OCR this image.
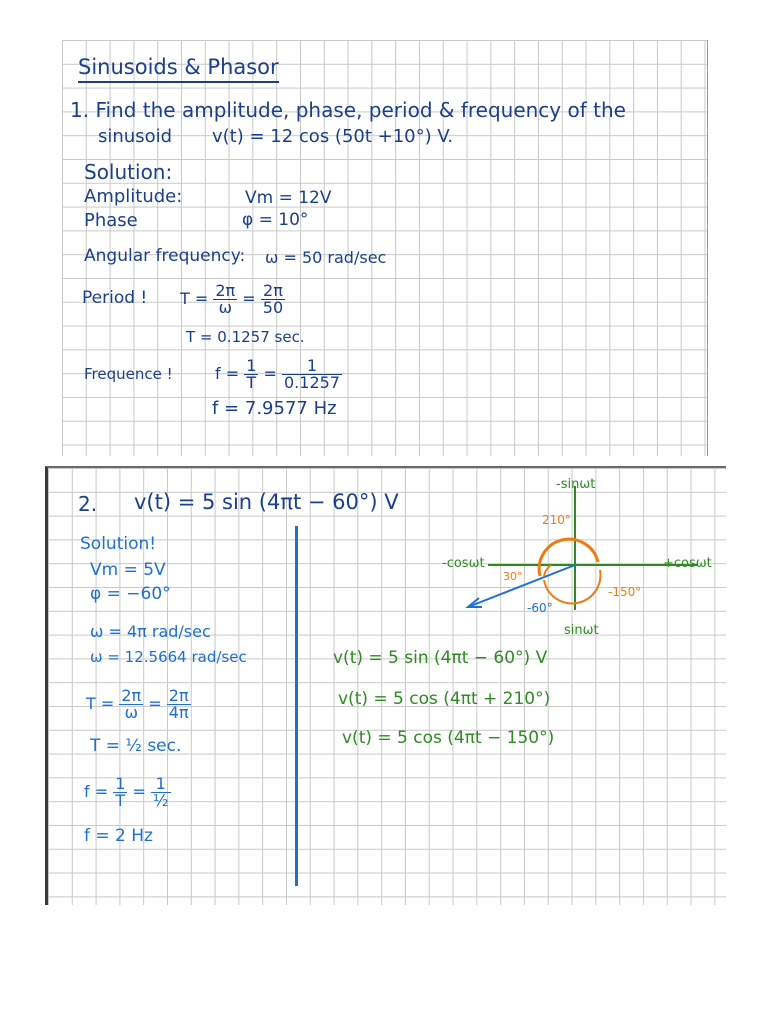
Sinusoids & Phasor
1. Find the amplitude, phase, period & frequency of the
sinusoid v(t) = 12 cos (50t +10°) V.
Solution:
Amplitude:	Vm = 12V
Phase	φ = 10°
Angular frequency: ω = 50 rad/sec
Period ! $T = \frac{2\pi}{\omega} = \frac{2\pi}{50}$
T = 0.1257 sec.
Frequence !	$f = \frac{1}{T} = \frac{1}{0.1257}$
f = 7.9577 Hz
2. v(t) = 5 sin (4πt − 60°) V
Solution!
Vm = 5V
φ = −60°
ω = 4π rad/sec
ω = 12.5664 rad/sec
$T = \frac{2\pi}{\omega} = \frac{2\pi}{4\pi}$
T = ½ sec.
$f = \frac{1}{T} = \frac{1}{\text{½}}$
f = 2 Hz
v(t) = 5 sin (4πt − 60°) V
v(t) = 5 cos (4πt + 210°)
v(t) = 5 cos (4πt − 150°)
-sinωt
sinωt
-cosωt	+cosωt
210°
30°
-150°
-60°
